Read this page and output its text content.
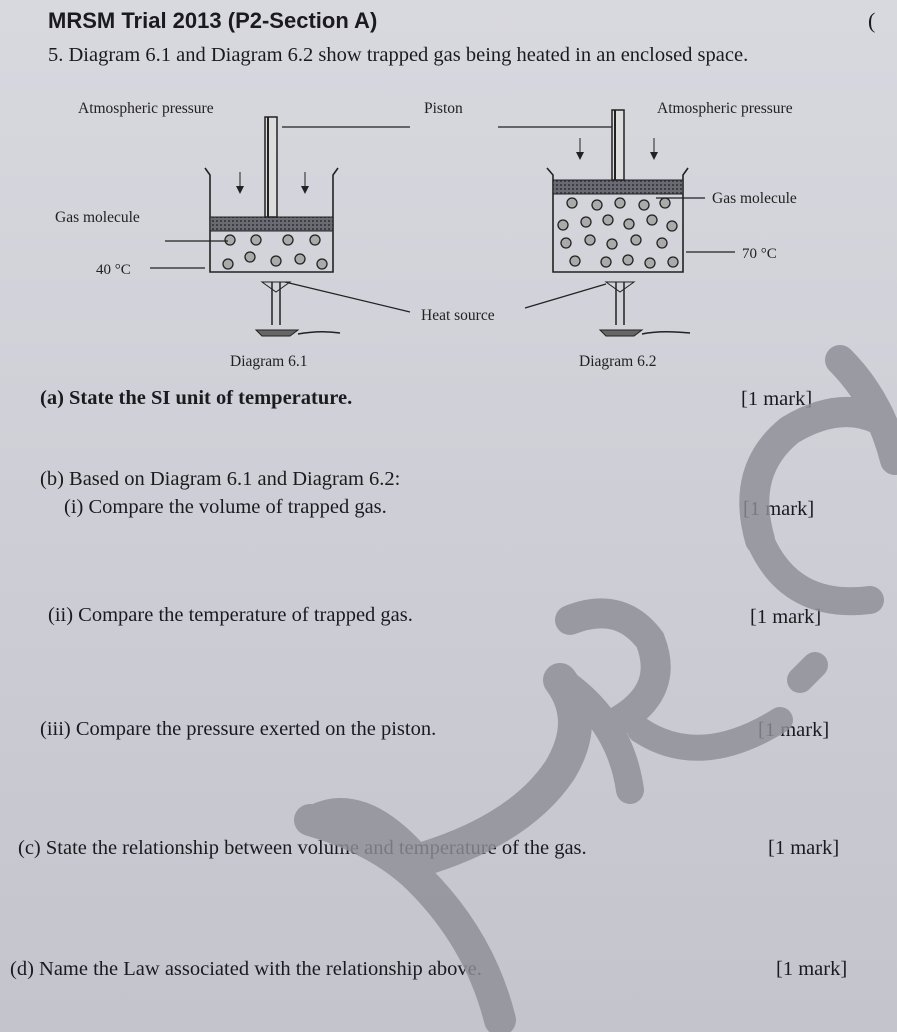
MRSM Trial 2013 (P2-Section A)	(
5. Diagram 6.1 and Diagram 6.2 show trapped gas being heated in an enclosed space.
Atmospheric pressure	Piston	Atmospheric pressure
Gas molecule
Gas molecule
40 °C
70 °C
Heat source
Diagram 6.1	Diagram 6.2
(a) State the SI unit of temperature.	[1 mark]
(b) Based on Diagram 6.1 and Diagram 6.2:
(i) Compare the volume of trapped gas.	[1 mark]
(ii) Compare the temperature of trapped gas.	[1 mark]
(iii) Compare the pressure exerted on the piston.	[1 mark]
(c) State the relationship between volume and temperature of the gas.	[1 mark]
(d) Name the Law associated with the relationship above.	[1 mark]
